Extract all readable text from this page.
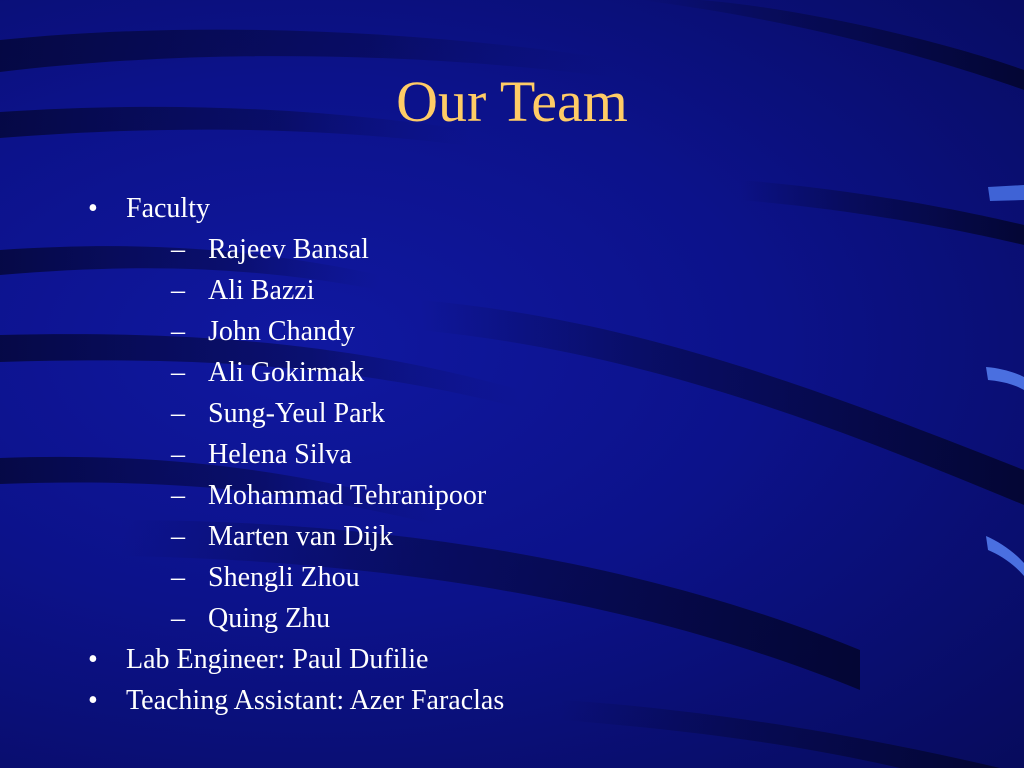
Our Team
•	Faculty
– Rajeev Bansal
– Ali Bazzi
– John Chandy
– Ali Gokirmak
– Sung-Yeul Park
– Helena Silva
– Mohammad Tehranipoor
– Marten van Dijk
– Shengli Zhou
– Quing Zhu
•	Lab Engineer: Paul Dufilie
•	Teaching Assistant: Azer Faraclas
